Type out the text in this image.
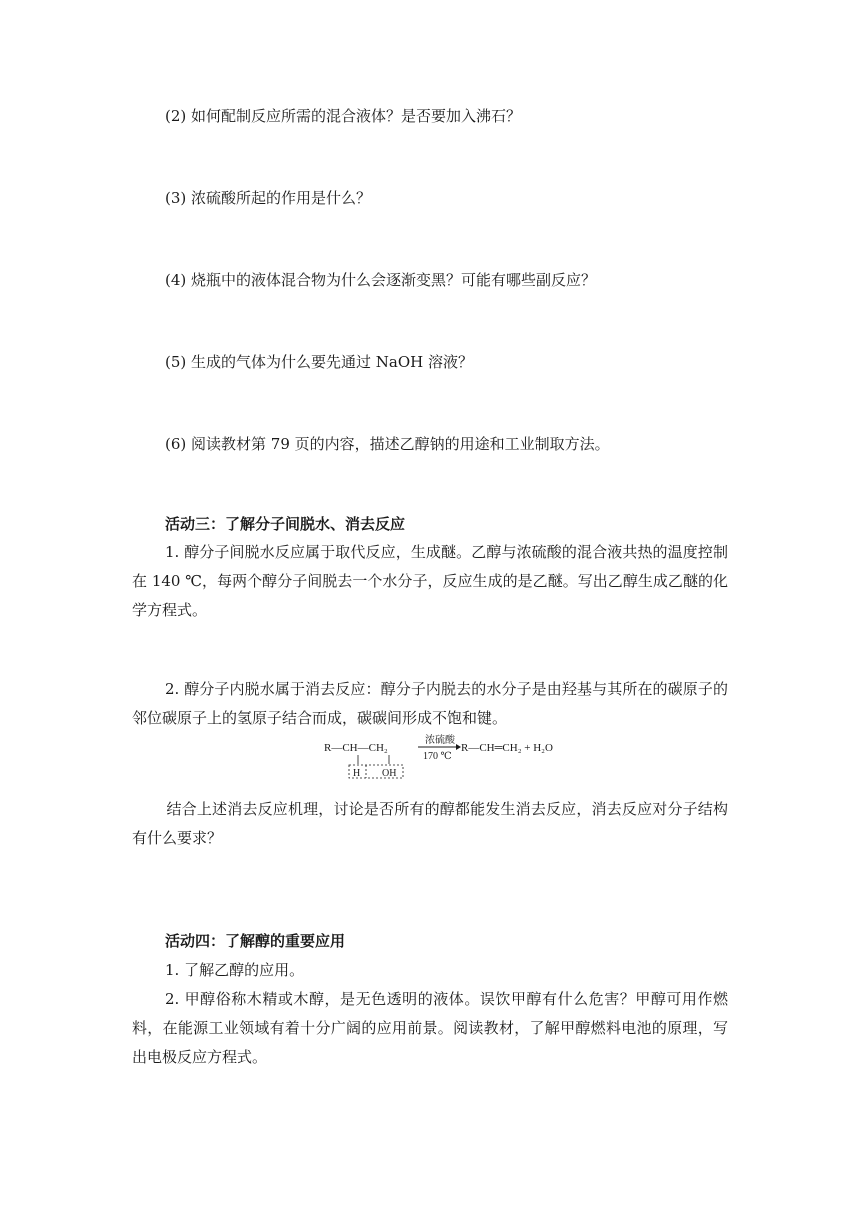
(2) 如何配制反应所需的混合液体？是否要加入沸石？
(3) 浓硫酸所起的作用是什么？
(4) 烧瓶中的液体混合物为什么会逐渐变黑？可能有哪些副反应？
(5) 生成的气体为什么要先通过 NaOH 溶液？
(6) 阅读教材第 79 页的内容，描述乙醇钠的用途和工业制取方法。
活动三：了解分子间脱水、消去反应
1. 醇分子间脱水反应属于取代反应，生成醚。乙醇与浓硫酸的混合液共热的温度控制在 140 ℃，每两个醇分子间脱去一个水分子，反应生成的是乙醚。写出乙醇生成乙醚的化学方程式。
2. 醇分子内脱水属于消去反应：醇分子内脱去的水分子是由羟基与其所在的碳原子的邻位碳原子上的氢原子结合而成，碳碳间形成不饱和键。
R—CH—CH₂
浓硫酸
170 ℃
R—CH═CH₂ + H₂O
H OH
结合上述消去反应机理，讨论是否所有的醇都能发生消去反应，消去反应对分子结构有什么要求？
活动四：了解醇的重要应用
1. 了解乙醇的应用。
2. 甲醇俗称木精或木醇，是无色透明的液体。误饮甲醇有什么危害？甲醇可用作燃料，在能源工业领域有着十分广阔的应用前景。阅读教材，了解甲醇燃料电池的原理，写出电极反应方程式。
